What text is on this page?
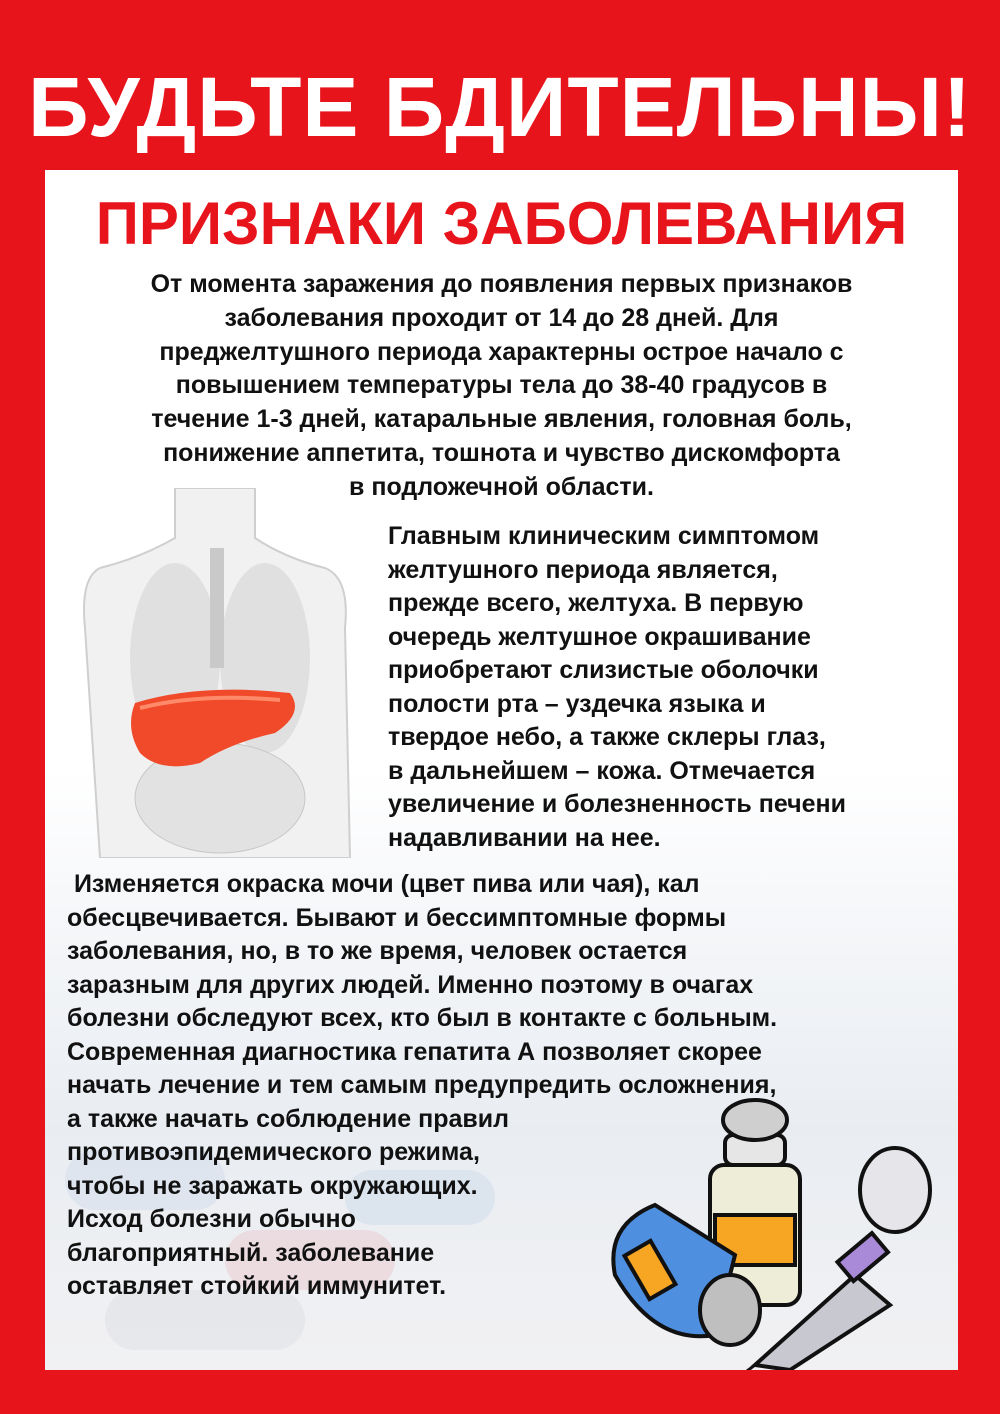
БУДЬТЕ БДИТЕЛЬНЫ!
ПРИЗНАКИ ЗАБОЛЕВАНИЯ
От момента заражения до появления первых признаков
заболевания проходит от 14 до 28 дней. Для
преджелтушного периода характерны острое начало с
повышением температуры тела до 38-40 градусов в
течение 1-3 дней, катаральные явления, головная боль,
понижение аппетита, тошнота и чувство дискомфорта
в подложечной области.
Главным клиническим симптомом
желтушного периода является,
прежде всего, желтуха. В первую
очередь желтушное окрашивание
приобретают слизистые оболочки
полости рта – уздечка языка и
твердое небо, а также склеры глаз,
в дальнейшем – кожа. Отмечается
увеличение и болезненность печени
надавливании на нее.
Изменяется окраска мочи (цвет пива или чая), кал
обесцвечивается. Бывают и бессимптомные формы
заболевания, но, в то же время, человек остается
заразным для других людей. Именно поэтому в очагах
болезни обследуют всех, кто был в контакте с больным.
Современная диагностика гепатита А позволяет скорее
начать лечение и тем самым предупредить осложнения,
а также начать соблюдение правил
противоэпидемического режима,
чтобы не заражать окружающих.
Исход болезни обычно
благоприятный. заболевание
оставляет стойкий иммунитет.
